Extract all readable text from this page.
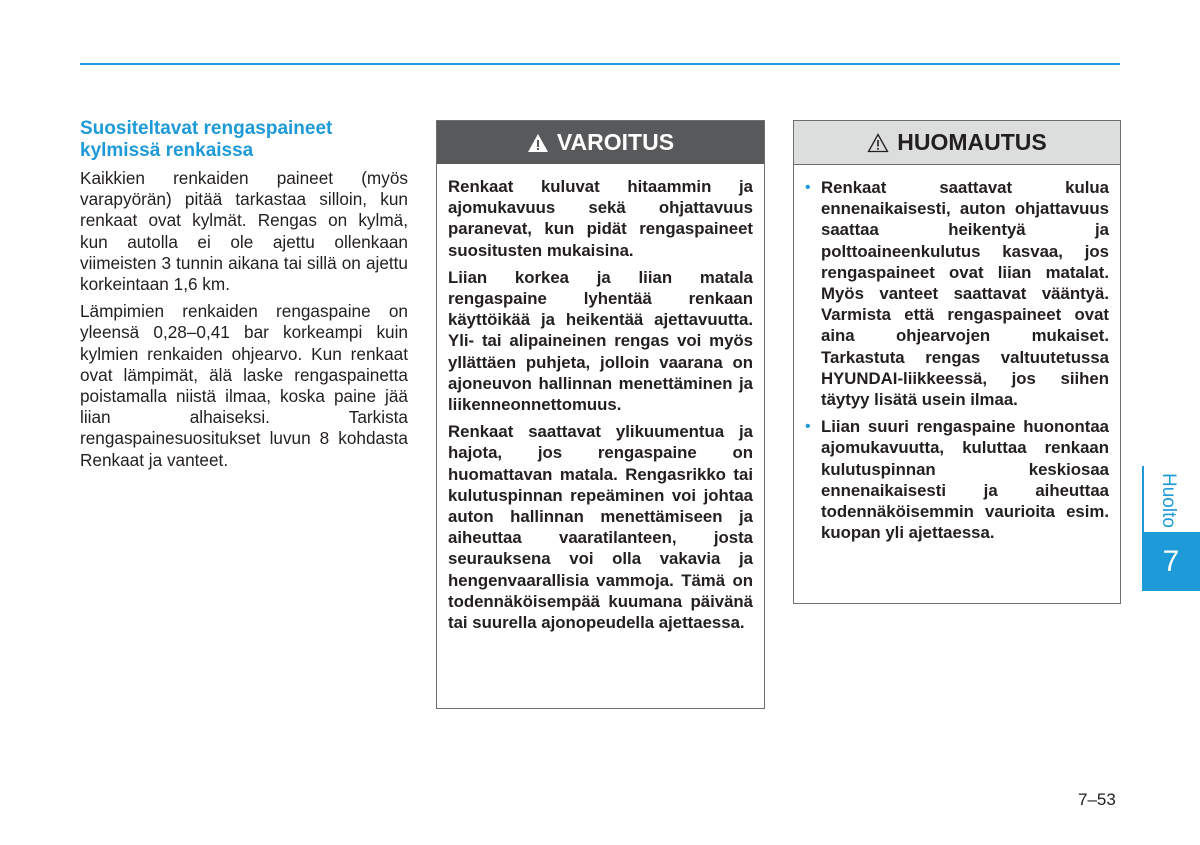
Suositeltavat rengaspaineet
kylmissä renkaissa

Kaikkien renkaiden paineet (myös varapyörän) pitää tarkastaa silloin, kun renkaat ovat kylmät. Rengas on kylmä, kun autolla ei ole ajettu ollenkaan viimeisten 3 tunnin aikana tai sillä on ajettu korkeintaan 1,6 km.

Lämpimien renkaiden rengaspaine on yleensä 0,28–0,41 bar korkeampi kuin kylmien renkaiden ohjearvo. Kun renkaat ovat lämpimät, älä laske rengaspainetta poistamalla niistä ilmaa, koska paine jää liian alhaiseksi. Tarkista rengaspainesuositukset luvun 8 kohdasta Renkaat ja vanteet.

VAROITUS

Renkaat kuluvat hitaammin ja ajomukavuus sekä ohjattavuus paranevat, kun pidät rengaspaineet suositusten mukaisina.

Liian korkea ja liian matala rengaspaine lyhentää renkaan käyttöikää ja heikentää ajettavuutta. Yli- tai alipaineinen rengas voi myös yllättäen puhjeta, jolloin vaarana on ajoneuvon hallinnan menettäminen ja liikenneonnettomuus.

Renkaat saattavat ylikuumentua ja hajota, jos rengaspaine on huomattavan matala. Rengasrikko tai kulutuspinnan repeäminen voi johtaa auton hallinnan menettämiseen ja aiheuttaa vaaratilanteen, josta seurauksena voi olla vakavia ja hengenvaarallisia vammoja. Tämä on todennäköisempää kuumana päivänä tai suurella ajonopeudella ajettaessa.

HUOMAUTUS
• Renkaat saattavat kulua ennenaikaisesti, auton ohjattavuus saattaa heikentyä ja polttoaineenkulutus kasvaa, jos rengaspaineet ovat liian matalat. Myös vanteet saattavat vääntyä. Varmista että rengaspaineet ovat aina ohjearvojen mukaiset. Tarkastuta rengas valtuutetussa HYUNDAI-liikkeessä, jos siihen täytyy lisätä usein ilmaa.

• Liian suuri rengaspaine huonontaa ajomukavuutta, kuluttaa renkaan kulutuspinnan keskiosaa ennenaikaisesti ja aiheuttaa todennäköisemmin vaurioita esim. kuopan yli ajettaessa.

Huolto
7
7–53
